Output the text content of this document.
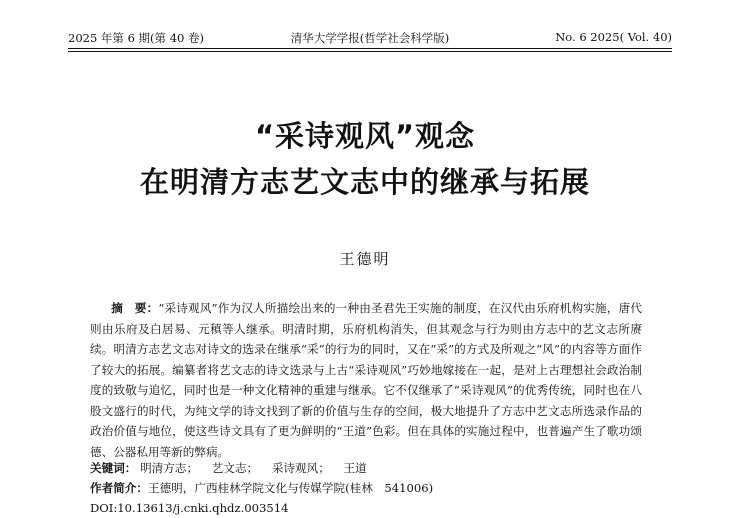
2025 年第 6 期(第 40 卷)	清华大学学报(哲学社会科学版)	No. 6 2025( Vol. 40)
“采诗观风”观念
在明清方志艺文志中的继承与拓展
王德明
摘　要：“采诗观风”作为汉人所描绘出来的一种由圣君先王实施的制度，在汉代由乐府机构实施，唐代则由乐府及白居易、元稹等人继承。明清时期，乐府机构消失，但其观念与行为则由方志中的艺文志所赓续。明清方志艺文志对诗文的选录在继承“采”的行为的同时，又在“采”的方式及所观之“风”的内容等方面作了较大的拓展。编纂者将艺文志的诗文选录与上古“采诗观风”巧妙地嫁接在一起，是对上古理想社会政治制度的致敬与追忆，同时也是一种文化精神的重建与继承。它不仅继承了“采诗观风”的优秀传统，同时也在八股文盛行的时代，为纯文学的诗文找到了新的价值与生存的空间，极大地提升了方志中艺文志所选录作品的政治价值与地位，使这些诗文具有了更为鲜明的“王道”色彩。但在具体的实施过程中，也普遍产生了歌功颂德、公器私用等新的弊病。
关键词： 明清方志； 艺文志； 采诗观风； 王道
作者简介：王德明，广西桂林学院文化与传媒学院(桂林　541006)
DOI:10.13613/j.cnki.qhdz.003514
